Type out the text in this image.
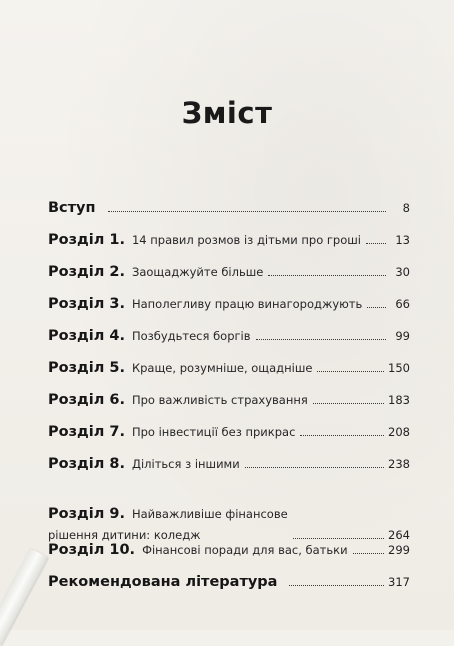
Зміст
Вступ	8
Розділ 1. 14 правил розмов із дітьми про гроші	13
Розділ 2. Заощаджуйте більше	30
Розділ 3. Наполегливу працю винагороджують	66
Розділ 4. Позбудьтеся боргів	99
Розділ 5. Краще, розумніше, ощадніше	150
Розділ 6. Про важливість страхування	183
Розділ 7. Про інвестиції без прикрас	208
Розділ 8. Діліться з іншими	238
Розділ 9. Найважливіше фінансове
рішення дитини: коледж	264
Розділ 10. Фінансові поради для вас, батьки	299
Рекомендована література	317
